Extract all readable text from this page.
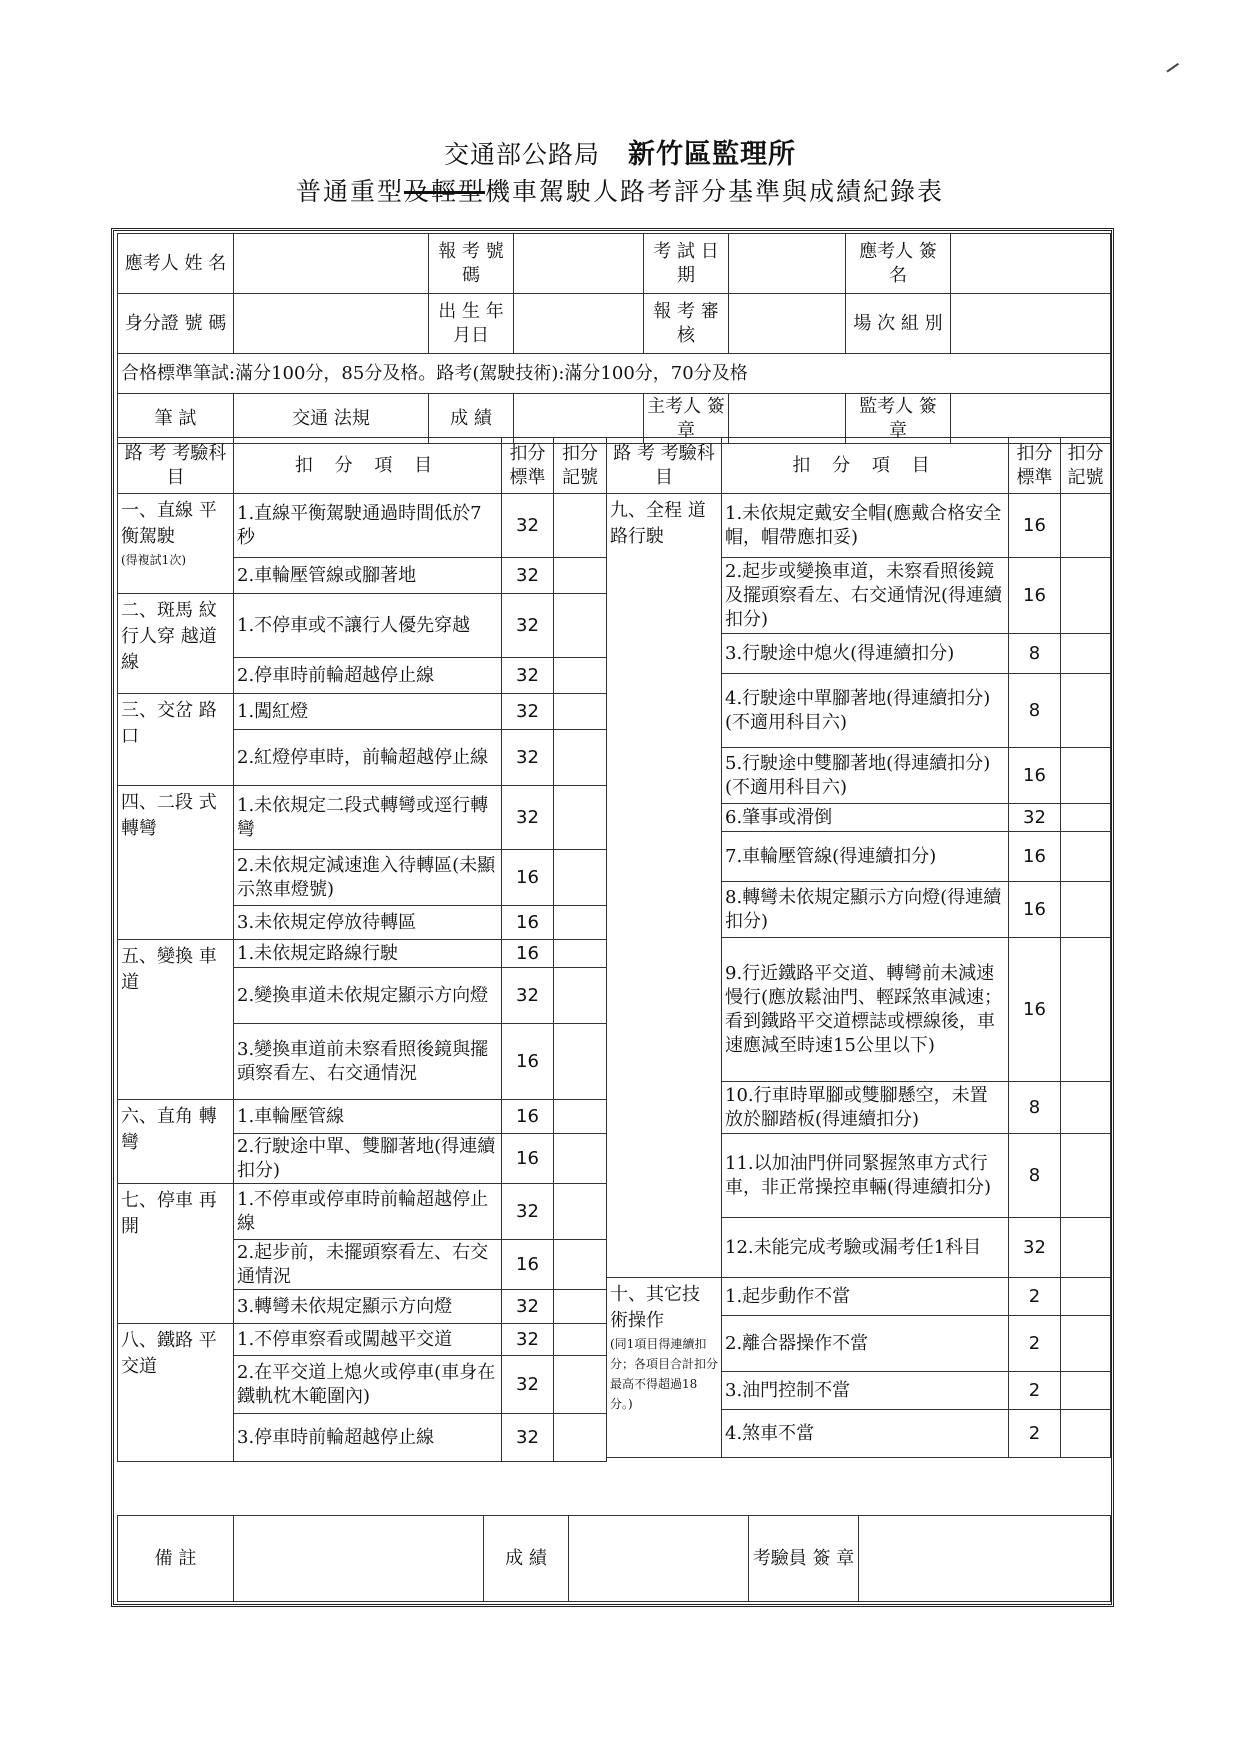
交通部公路局 新竹區監理所
普通重型及輕型機車駕駛人路考評分基準與成績紀錄表
應考人 姓 名		報 考 號碼		考 試 日 期		應考人 簽 名	
身分證 號 碼		出 生 年月日		報 考 審 核		場 次 組 別	
合格標準筆試:滿分100分，85分及格。路考(駕駛技術):滿分100分，70分及格							
筆 試	交通 法規	成 績		主考人 簽 章		監考人 簽 章	
路 考 考驗科目	扣 分 項 目	扣分 標準	扣分 記號

一、直線 平衡駕駛
(得複試1次)	1.直線平衡駕駛通過時間低於7秒	32	
	2.車輪壓管線或腳著地	32	

二、斑馬 紋行人穿 越道線	1.不停車或不讓行人優先穿越	32	
	2.停車時前輪超越停止線	32	

三、交岔 路口	1.闖紅燈	32	
	2.紅燈停車時，前輪超越停止線	32	

四、二段 式轉彎	1.未依規定二段式轉彎或逕行轉彎	32	
	2.未依規定減速進入待轉區(未顯示煞車燈號)	16	
	3.未依規定停放待轉區	16	

五、變換 車道	1.未依規定路線行駛	16	
	2.變換車道未依規定顯示方向燈	32	
	3.變換車道前未察看照後鏡與擺頭察看左、右交通情況	16	

六、直角 轉彎	1.車輪壓管線	16	
	2.行駛途中單、雙腳著地(得連續扣分)	16	

七、停車 再開	1.不停車或停車時前輪超越停止線	32	
	2.起步前，未擺頭察看左、右交通情況	16	
	3.轉彎未依規定顯示方向燈	32	

八、鐵路 平交道	1.不停車察看或闖越平交道	32	
	2.在平交道上熄火或停車(車身在鐵軌枕木範圍內)	32	
	3.停車時前輪超越停止線	32	
路 考 考驗科目	扣 分 項 目	扣分 標準	扣分 記號

九、全程 道路行駛	1.未依規定戴安全帽(應戴合格安全帽，帽帶應扣妥)	16	
	2.起步或變換車道，未察看照後鏡及擺頭察看左、右交通情況(得連續扣分)	16	
	3.行駛途中熄火(得連續扣分)	8	
	4.行駛途中單腳著地(得連續扣分)(不適用科目六)	8	
	5.行駛途中雙腳著地(得連續扣分)(不適用科目六)	16	
	6.肇事或滑倒	32	
	7.車輪壓管線(得連續扣分)	16	
	8.轉彎未依規定顯示方向燈(得連續扣分)	16	
	9.行近鐵路平交道、轉彎前未減速慢行(應放鬆油門、輕踩煞車減速；看到鐵路平交道標誌或標線後，車速應減至時速15公里以下)	16	
	10.行車時單腳或雙腳懸空，未置放於腳踏板(得連續扣分)	8	
	11.以加油門併同緊握煞車方式行車，非正常操控車輛(得連續扣分)	8	
	12.未能完成考驗或漏考任1科目	32	

十、其它技 術操作
(同1項目得連續扣分；各項目合計扣分最高不得超過18分。)	1.起步動作不當	2	
	2.離合器操作不當	2	
	3.油門控制不當	2	
	4.煞車不當	2	
備 註		成 績		考驗員 簽 章	
